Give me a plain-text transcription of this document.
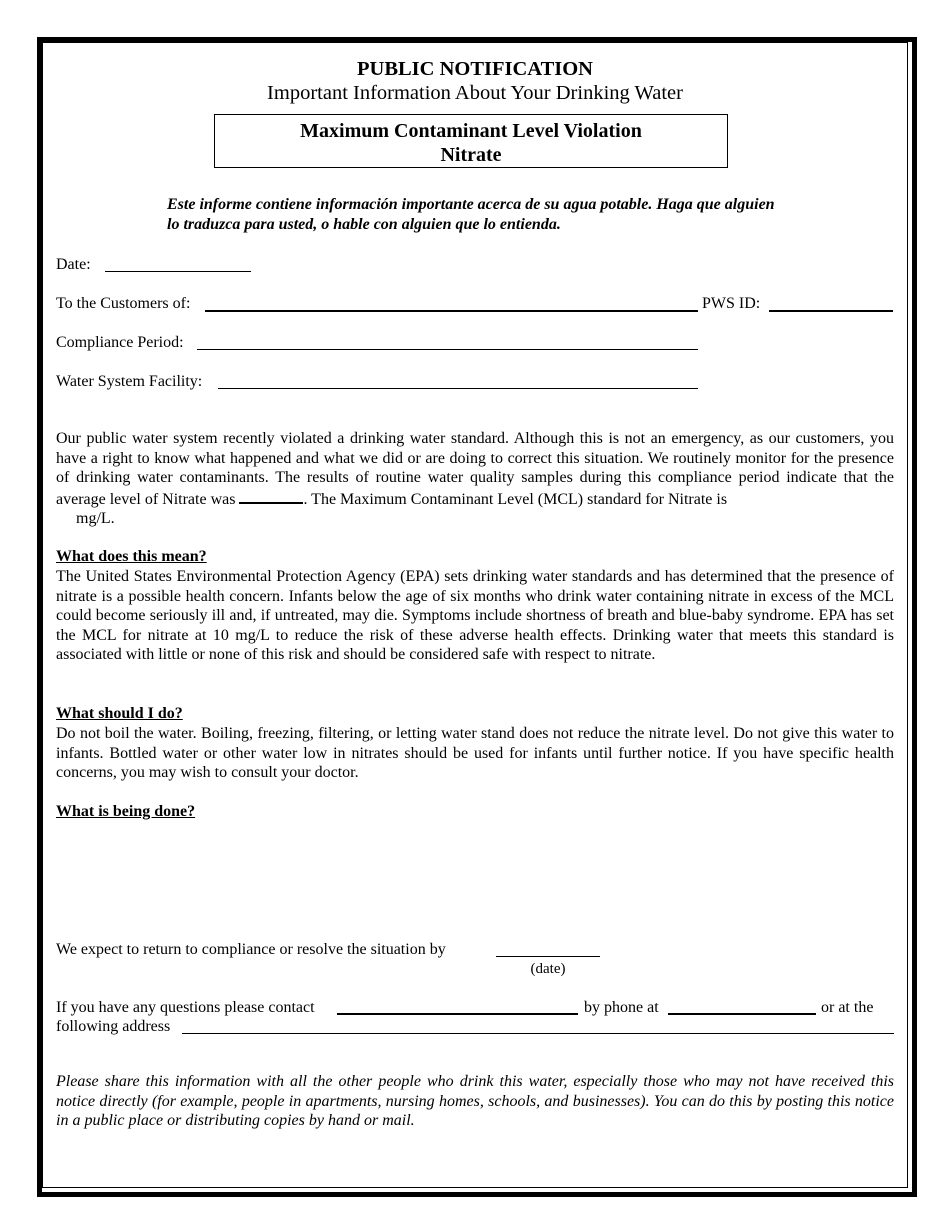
PUBLIC NOTIFICATION
Important Information About Your Drinking Water
Maximum Contaminant Level Violation
Nitrate
Este informe contiene información importante acerca de su agua potable. Haga que alguien lo traduzca para usted, o hable con alguien que lo entienda.
Date:
To the Customers of:	PWS ID:
Compliance Period:
Water System Facility:

Our public water system recently violated a drinking water standard. Although this is not an emergency, as our customers, you have a right to know what happened and what we did or are doing to correct this situation. We routinely monitor for the presence of drinking water contaminants. The results of routine water quality samples during this compliance period indicate that the average level of Nitrate was	. The Maximum Contaminant Level (MCL) standard for Nitrate is

mg/L.
What does this mean?

The United States Environmental Protection Agency (EPA) sets drinking water standards and has determined that the presence of nitrate is a possible health concern. Infants below the age of six months who drink water containing nitrate in excess of the MCL could become seriously ill and, if untreated, may die. Symptoms include shortness of breath and blue-baby syndrome. EPA has set the MCL for nitrate at 10 mg/L to reduce the risk of these adverse health effects. Drinking water that meets this standard is associated with little or none of this risk and should be considered safe with respect to nitrate.

What should I do?

Do not boil the water. Boiling, freezing, filtering, or letting water stand does not reduce the nitrate level. Do not give this water to infants. Bottled water or other water low in nitrates should be used for infants until further notice. If you have specific health concerns, you may wish to consult your doctor.

What is being done?
We expect to return to compliance or resolve the situation by
(date)
If you have any questions please contact	by phone at	or at the
following address
Please share this information with all the other people who drink this water, especially those who may not have received this notice directly (for example, people in apartments, nursing homes, schools, and businesses). You can do this by posting this notice in a public place or distributing copies by hand or mail.
